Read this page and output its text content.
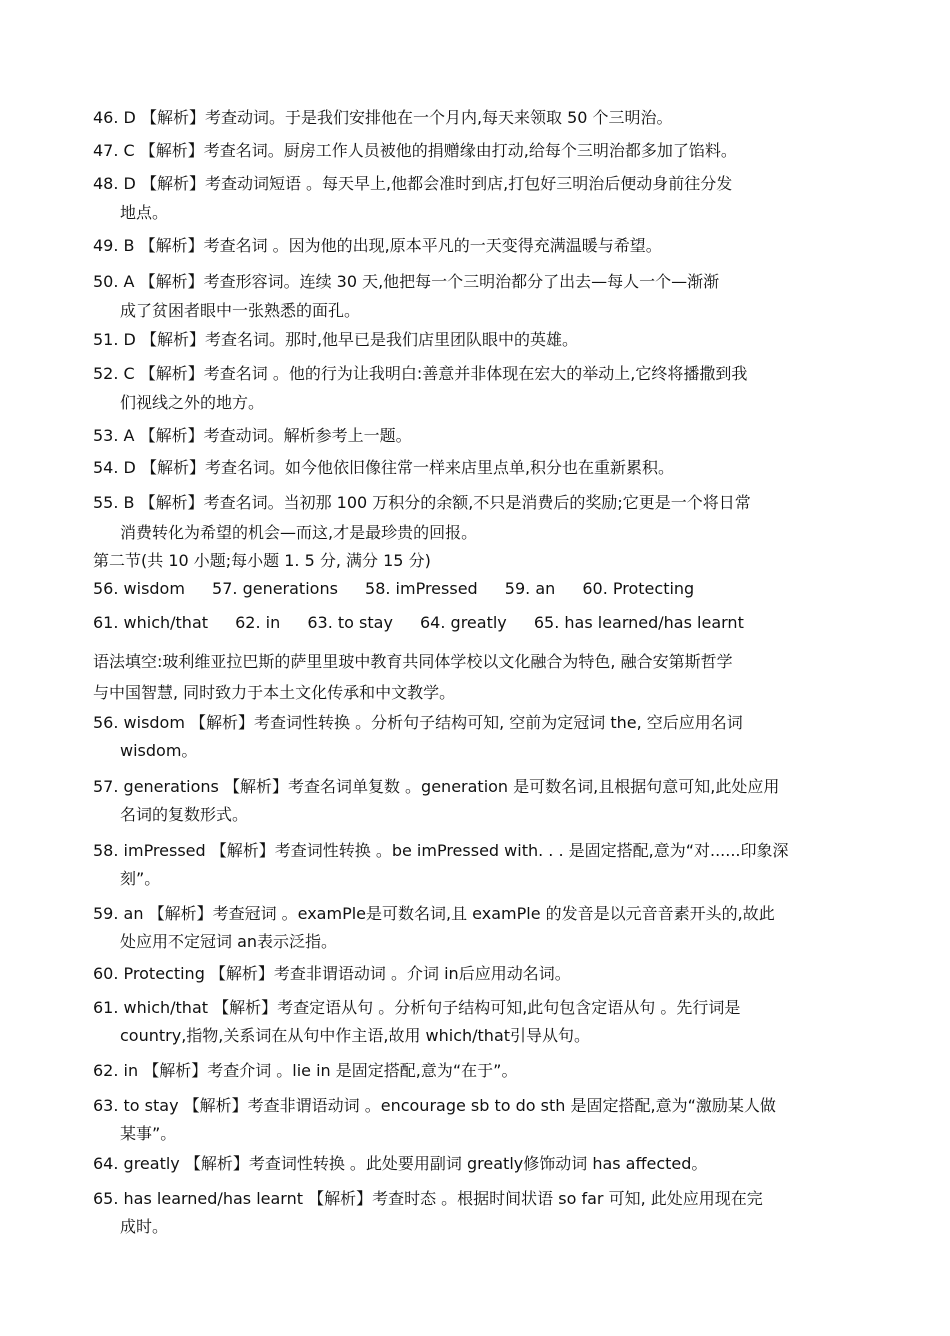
46. D 【解析】考查动词。于是我们安排他在一个月内,每天来领取 50 个三明治。
47. C 【解析】考查名词。厨房工作人员被他的捐赠缘由打动,给每个三明治都多加了馅料。
48. D 【解析】考查动词短语 。每天早上,他都会准时到店,打包好三明治后便动身前往分发
地点。
49. B 【解析】考查名词 。因为他的出现,原本平凡的一天变得充满温暖与希望。
50. A 【解析】考查形容词。连续 30 天,他把每一个三明治都分了出去—每人一个—渐渐
成了贫困者眼中一张熟悉的面孔。
51. D 【解析】考查名词。那时,他早已是我们店里团队眼中的英雄。
52. C 【解析】考查名词 。他的行为让我明白:善意并非体现在宏大的举动上,它终将播撒到我
们视线之外的地方。
53. A 【解析】考查动词。解析参考上一题。
54. D 【解析】考查名词。如今他依旧像往常一样来店里点单,积分也在重新累积。
55. B 【解析】考查名词。当初那 100 万积分的余额,不只是消费后的奖励;它更是一个将日常
消费转化为希望的机会—而这,才是最珍贵的回报。
第二节(共 10 小题;每小题 1. 5 分, 满分 15 分)
56. wisdom 57. generations 58. imPressed 59. an 60. Protecting
61. which/that 62. in 63. to stay 64. greatly 65. has learned/has learnt
语法填空:玻利维亚拉巴斯的萨里里玻中教育共同体学校以文化融合为特色, 融合安第斯哲学
与中国智慧, 同时致力于本土文化传承和中文教学。
56. wisdom 【解析】考查词性转换 。分析句子结构可知, 空前为定冠词 the, 空后应用名词
wisdom。
57. generations 【解析】考查名词单复数 。generation 是可数名词,且根据句意可知,此处应用
名词的复数形式。
58. imPressed 【解析】考查词性转换 。be imPressed with. . . 是固定搭配,意为“对......印象深
刻”。
59. an 【解析】考查冠词 。examPle是可数名词,且 examPle 的发音是以元音音素开头的,故此
处应用不定冠词 an表示泛指。
60. Protecting 【解析】考查非谓语动词 。介词 in后应用动名词。
61. which/that 【解析】考查定语从句 。分析句子结构可知,此句包含定语从句 。先行词是
country,指物,关系词在从句中作主语,故用 which/that引导从句。
62. in 【解析】考查介词 。lie in 是固定搭配,意为“在于”。
63. to stay 【解析】考查非谓语动词 。encourage sb to do sth 是固定搭配,意为“激励某人做
某事”。
64. greatly 【解析】考查词性转换 。此处要用副词 greatly修饰动词 has affected。
65. has learned/has learnt 【解析】考查时态 。根据时间状语 so far 可知, 此处应用现在完
成时。
